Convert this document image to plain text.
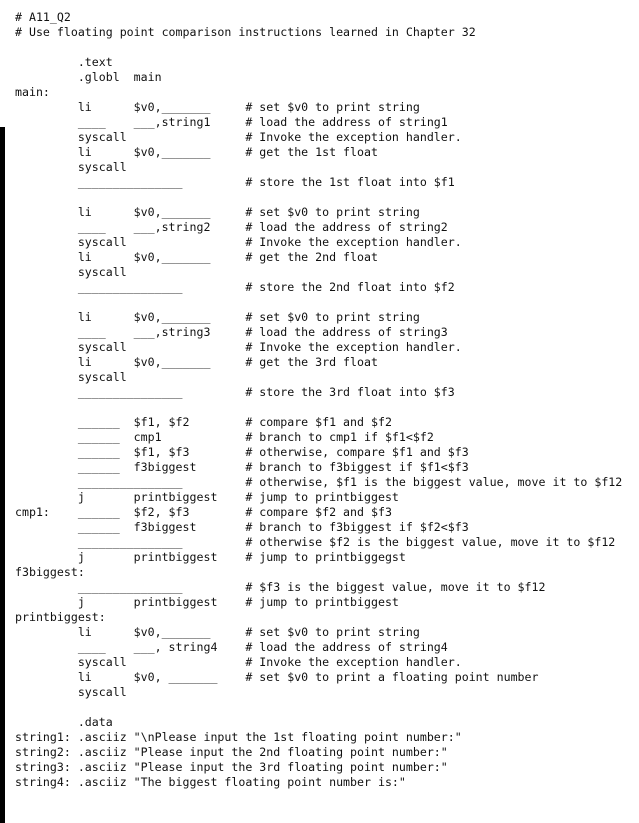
# A11_Q2
# Use floating point comparison instructions learned in Chapter 32
.text
.globl  main
main:
li      $v0,_______     # set $v0 to print string
____    ___,string1     # load the address of string1
syscall                 # Invoke the exception handler.
li      $v0,_______     # get the 1st float
syscall
_______________         # store the 1st float into $f1
li      $v0,_______     # set $v0 to print string
____    ___,string2     # load the address of string2
syscall                 # Invoke the exception handler.
li      $v0,_______     # get the 2nd float
syscall
_______________         # store the 2nd float into $f2
li      $v0,_______     # set $v0 to print string
____    ___,string3     # load the address of string3
syscall                 # Invoke the exception handler.
li      $v0,_______     # get the 3rd float
syscall
_______________         # store the 3rd float into $f3
______  $f1, $f2        # compare $f1 and $f2
______  cmp1            # branch to cmp1 if $f1<$f2
______  $f1, $f3        # otherwise, compare $f1 and $f3
______  f3biggest       # branch to f3biggest if $f1<$f3
_______________         # otherwise, $f1 is the biggest value, move it to $f12
j       printbiggest    # jump to printbiggest
cmp1:    ______  $f2, $f3        # compare $f2 and $f3
______  f3biggest       # branch to f3biggest if $f2<$f3
_______________         # otherwise $f2 is the biggest value, move it to $f12
j       printbiggest    # jump to printbiggegst
f3biggest:
_______________         # $f3 is the biggest value, move it to $f12
j       printbiggest    # jump to printbiggest
printbiggest:
li      $v0,_______     # set $v0 to print string
____    ___, string4    # load the address of string4
syscall                 # Invoke the exception handler.
li      $v0, _______    # set $v0 to print a floating point number
syscall
.data
string1: .asciiz "\nPlease input the 1st floating point number:"
string2: .asciiz "Please input the 2nd floating point number:"
string3: .asciiz "Please input the 3rd floating point number:"
string4: .asciiz "The biggest floating point number is:"
